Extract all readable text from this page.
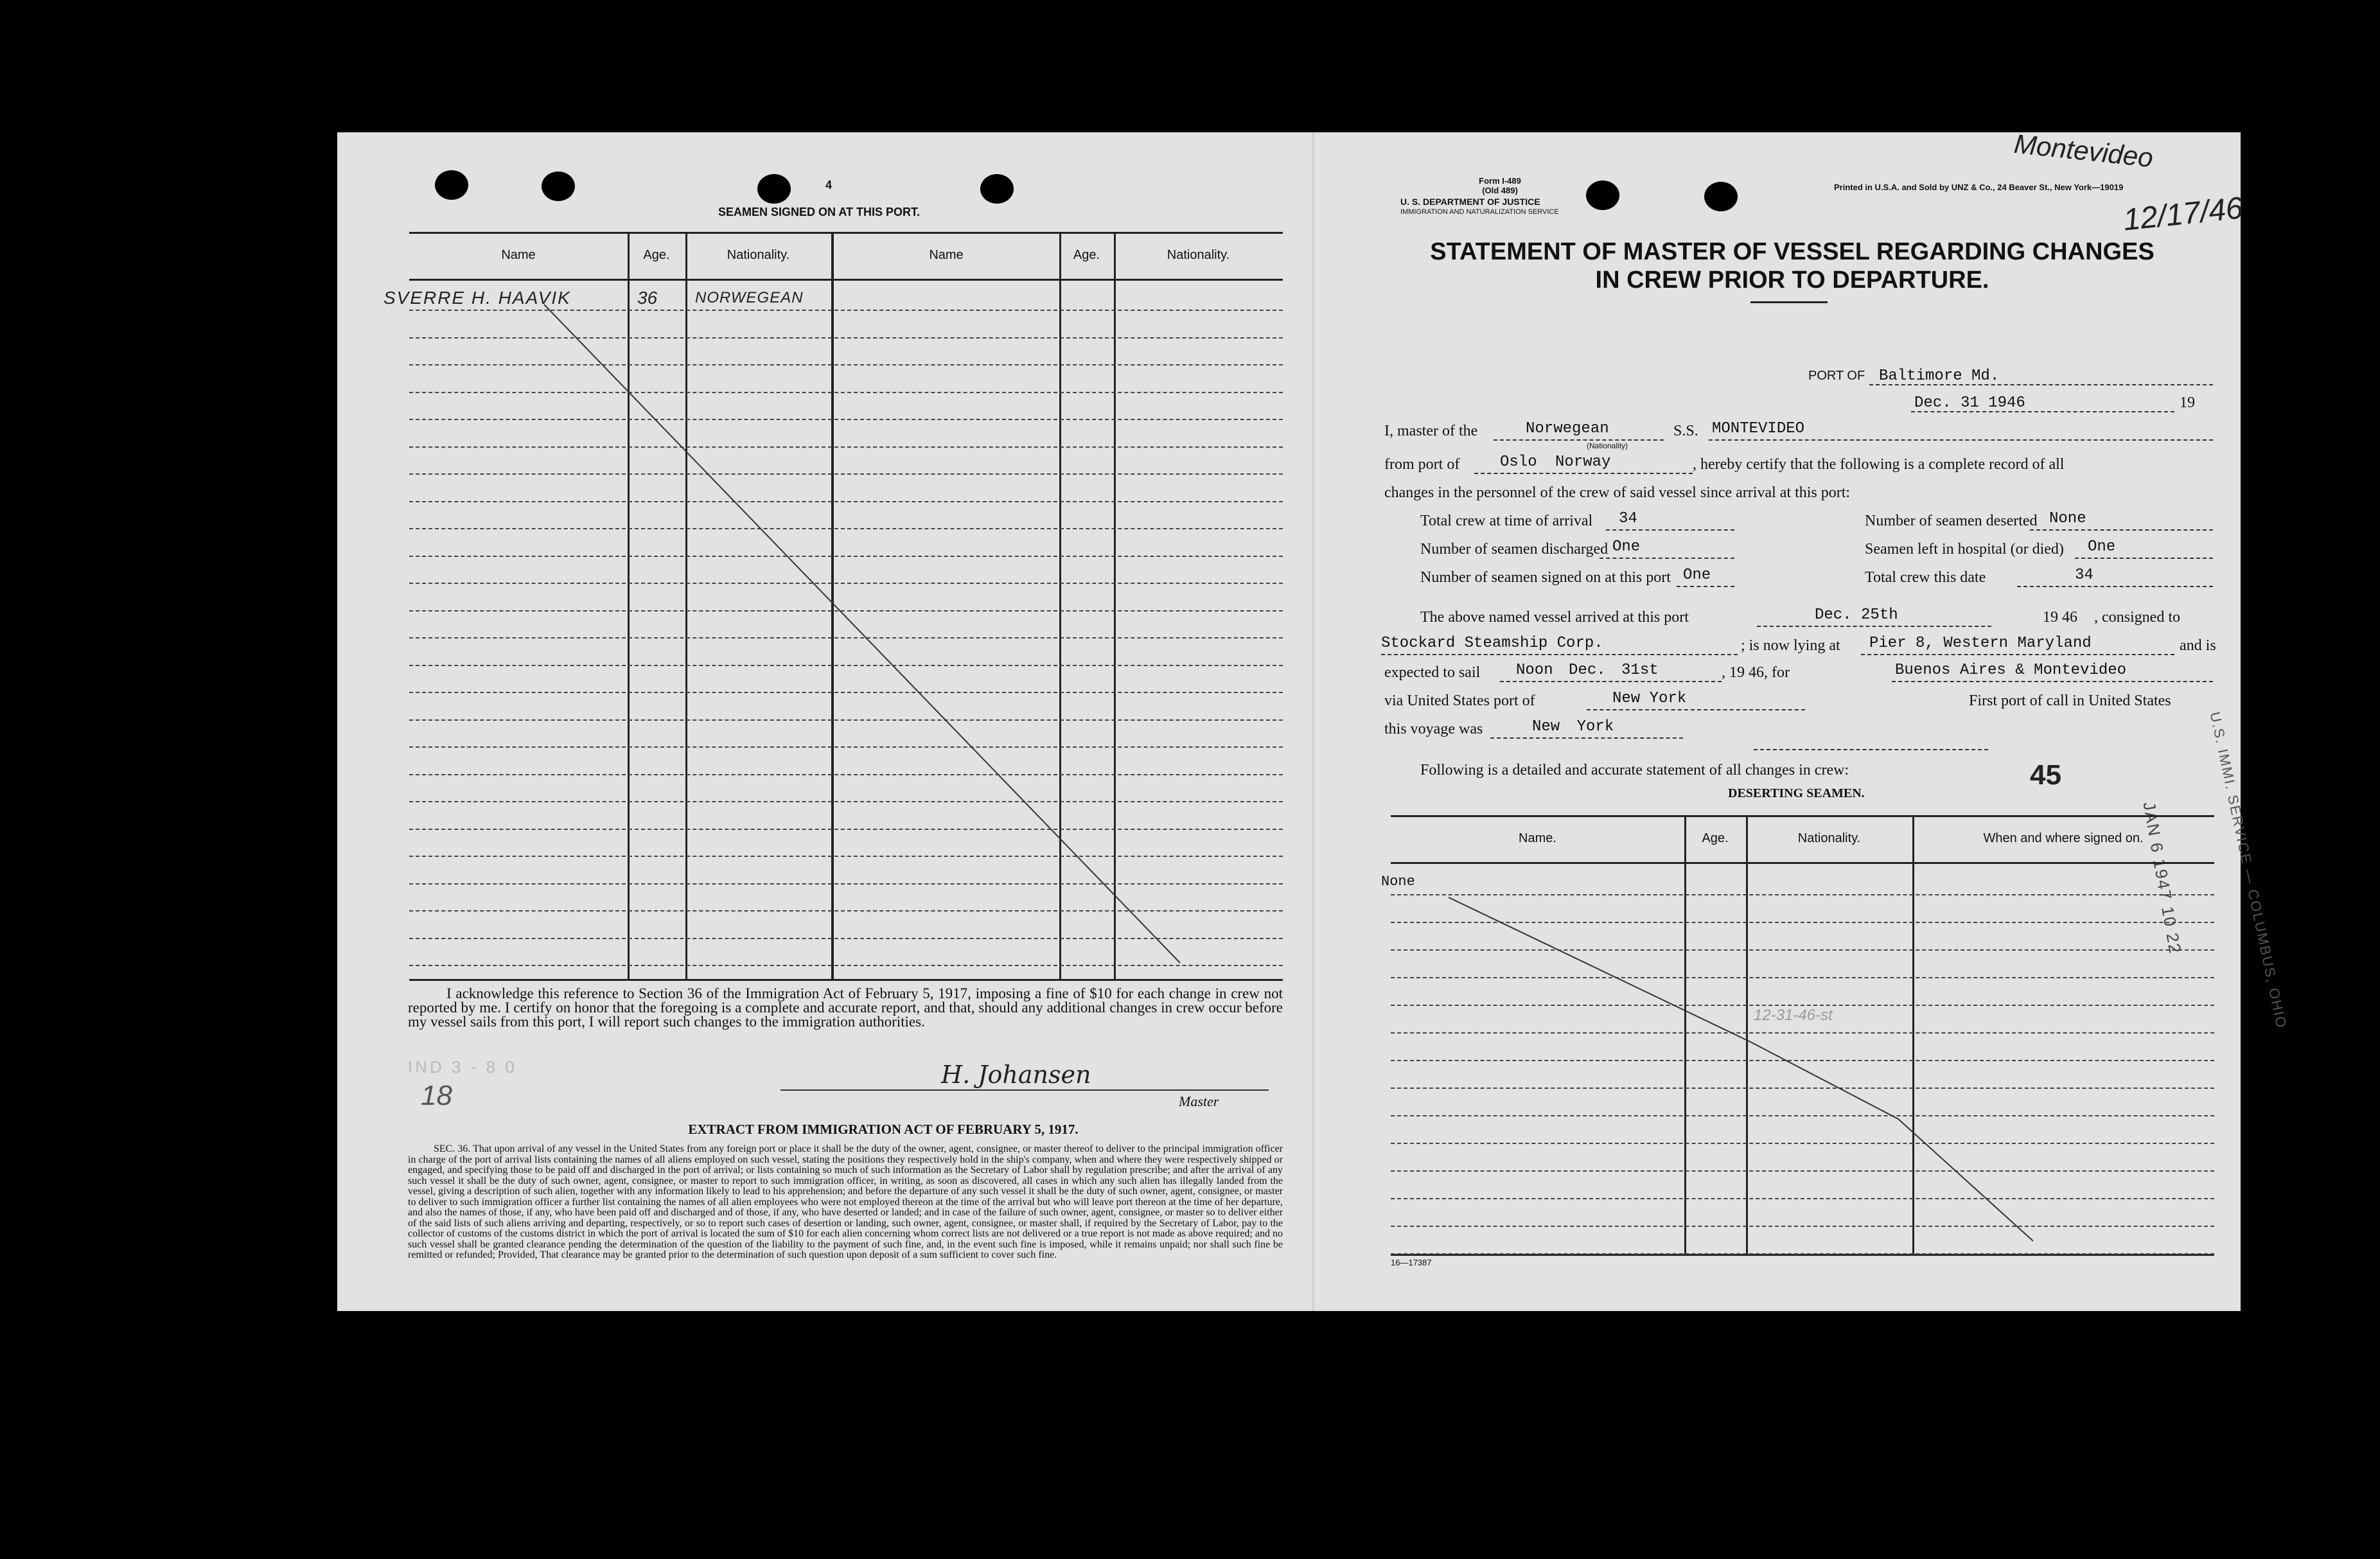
4
SEAMEN SIGNED ON AT THIS PORT.
Name	Age.	Nationality.	Name	Age.	Nationality.
SVERRE H. HAAVIK	36 NORWEGEAN
I acknowledge this reference to Section 36 of the Immigration Act of February 5, 1917, imposing a fine of $10 for each change in crew not reported by me. I certify on honor that the foregoing is a complete and accurate report, and that, should any additional changes in crew occur before my vessel sails from this port, I will report such changes to the immigration authorities.
IND 3 - 8 0
18
H. Johansen
Master
EXTRACT FROM IMMIGRATION ACT OF FEBRUARY 5, 1917.
SEC. 36. That upon arrival of any vessel in the United States from any foreign port or place it shall be the duty of the owner, agent, consignee, or master thereof to deliver to the principal immigration officer in charge of the port of arrival lists containing the names of all aliens employed on such vessel, stating the positions they respectively hold in the ship's company, when and where they were respectively shipped or engaged, and specifying those to be paid off and discharged in the port of arrival; or lists containing so much of such information as the Secretary of Labor shall by regulation prescribe; and after the arrival of any such vessel it shall be the duty of such owner, agent, consignee, or master to report to such immigration officer, in writing, as soon as discovered, all cases in which any such alien has illegally landed from the vessel, giving a description of such alien, together with any information likely to lead to his apprehension; and before the departure of any such vessel it shall be the duty of such owner, agent, consignee, or master to deliver to such immigration officer a further list containing the names of all alien employees who were not employed thereon at the time of the arrival but who will leave port thereon at the time of her departure, and also the names of those, if any, who have been paid off and discharged and of those, if any, who have deserted or landed; and in case of the failure of such owner, agent, consignee, or master so to deliver either of the said lists of such aliens arriving and departing, respectively, or so to report such cases of desertion or landing, such owner, agent, consignee, or master shall, if required by the Secretary of Labor, pay to the collector of customs of the customs district in which the port of arrival is located the sum of $10 for each alien concerning whom correct lists are not delivered or a true report is not made as above required; and no such vessel shall be granted clearance pending the determination of the question of the liability to the payment of such fine, and, in the event such fine is imposed, while it remains unpaid; nor shall such fine be remitted or refunded; Provided, That clearance may be granted prior to the determination of such question upon deposit of a sum sufficient to cover such fine.
Form I-489
(Old 489)
U. S. DEPARTMENT OF JUSTICE
IMMIGRATION AND NATURALIZATION SERVICE
Printed in U.S.A. and Sold by UNZ & Co., 24 Beaver St., New York—19019
Montevideo
12/17/46
STATEMENT OF MASTER OF VESSEL REGARDING CHANGES
IN CREW PRIOR TO DEPARTURE.
PORT OF Baltimore Md.
Dec. 31 1946	19
I, master of the	Norwegean
(Nationality)
S.S. MONTEVIDEO
from port of	Oslo Norway	, hereby certify that the following is a complete record of all
changes in the personnel of the crew of said vessel since arrival at this port:
Total crew at time of arrival 34	Number of seamen deserted None
Number of seamen discharged One	Seamen left in hospital (or died) One
Number of seamen signed on at this port One	Total crew this date	34
The above named vessel arrived at this port	Dec. 25th	19 46 , consigned to
Stockard Steamship Corp.	; is now lying at Pier 8, Western Maryland	and is
expected to sail Noon Dec. 31st	, 19 46, for	Buenos Aires & Montevideo
via United States port of	New York	First port of call in United States
this voyage was	New York
Following is a detailed and accurate statement of all changes in crew:
DESERTING SEAMEN.
45
JAN 6 1947 10 22 U.S. IMMI. SERVICE — COLUMBUS, OHIO
Name.	Age.	Nationality.	When and where signed on.
None
12-31-46-st
16—17387
